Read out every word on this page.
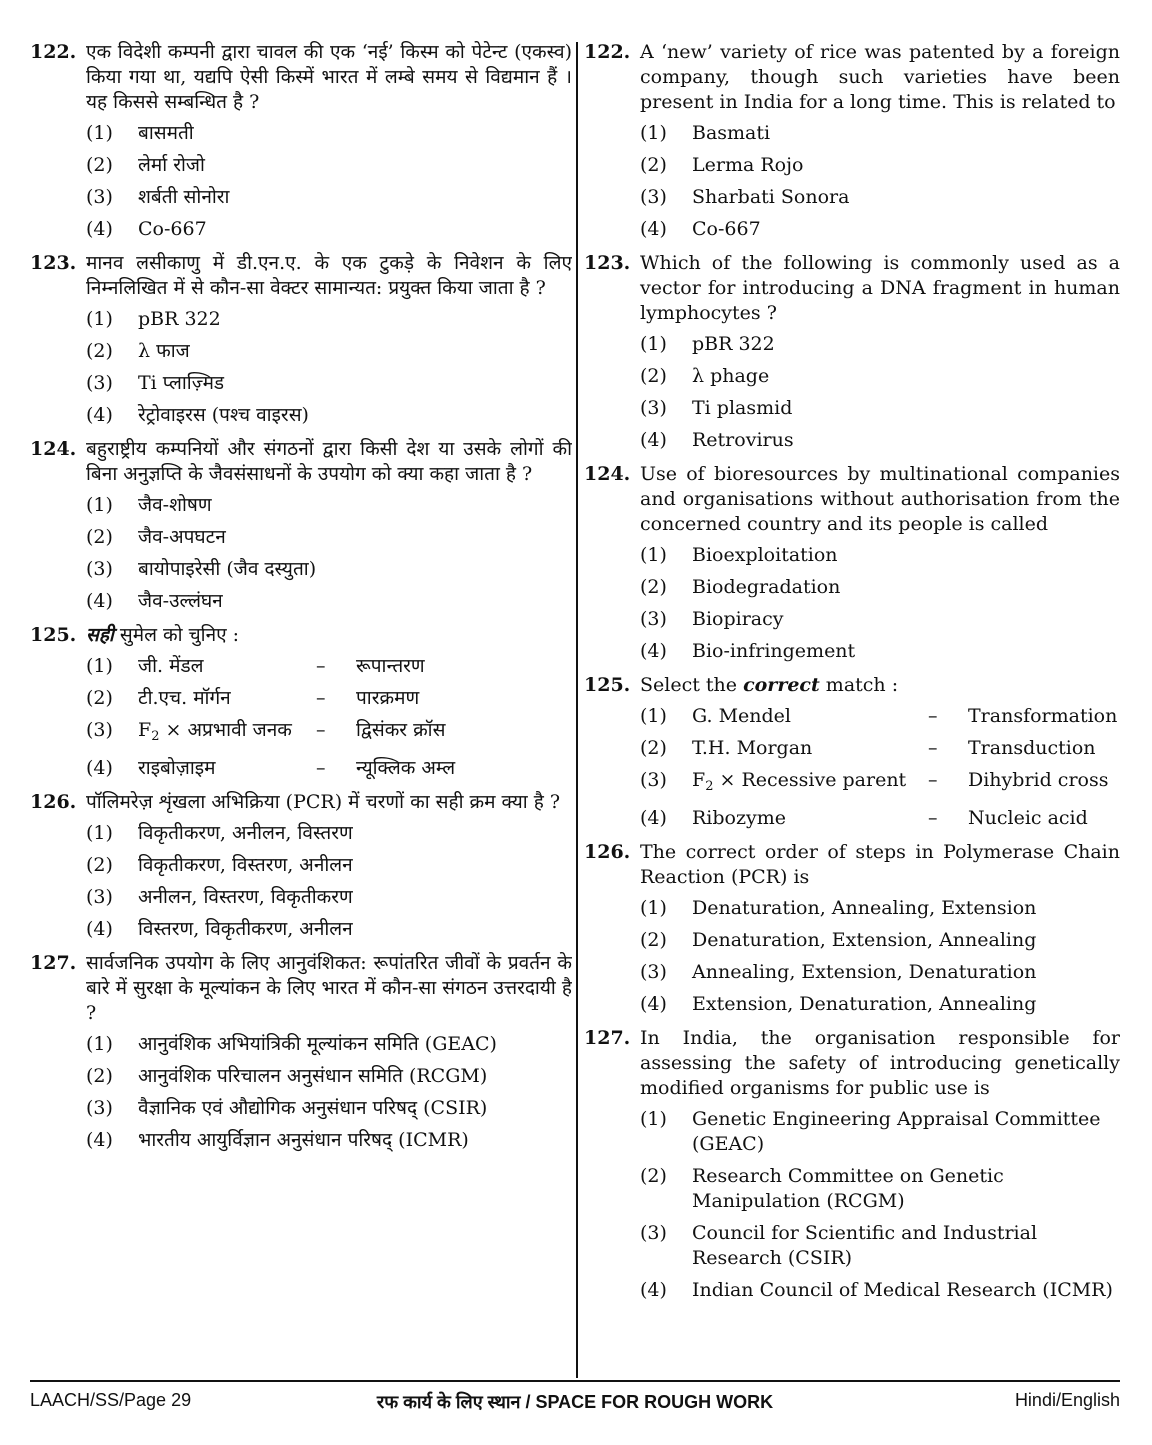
122. एक विदेशी कम्पनी द्वारा चावल की एक ‘नई’ किस्म को पेटेन्ट (एकस्व) किया गया था, यद्यपि ऐसी किस्में भारत में लम्बे समय से विद्यमान हैं । यह किससे सम्बन्धित है ?
(1)	बासमती
(2)	लेर्मा रोजो
(3)	शर्बती सोनोरा
(4)	Co-667
123. मानव लसीकाणु में डी.एन.ए. के एक टुकड़े के निवेशन के लिए निम्नलिखित में से कौन-सा वेक्टर सामान्यत: प्रयुक्त किया जाता है ?
(1)	pBR 322
(2)	λ फाज
(3)	Ti प्लाज़्मिड
(4)	रेट्रोवाइरस (पश्च वाइरस)
124. बहुराष्ट्रीय कम्पनियों और संगठनों द्वारा किसी देश या उसके लोगों की बिना अनुज्ञप्ति के जैवसंसाधनों के उपयोग को क्या कहा जाता है ?
(1)	जैव-शोषण
(2)	जैव-अपघटन
(3)	बायोपाइरेसी (जैव दस्युता)
(4)	जैव-उल्लंघन
125. सही सुमेल को चुनिए :
(1)	जी. मेंडल	–	रूपान्तरण
(2)	टी.एच. मॉर्गन	–	पारक्रमण
(3)	$F_2$ × अप्रभावी जनक	–	द्विसंकर क्रॉस
(4)	राइबोज़ाइम	–	न्यूक्लिक अम्ल
126. पॉलिमरेज़ शृंखला अभिक्रिया (PCR) में चरणों का सही क्रम क्या है ?
(1)	विकृतीकरण, अनीलन, विस्तरण
(2)	विकृतीकरण, विस्तरण, अनीलन
(3)	अनीलन, विस्तरण, विकृतीकरण
(4)	विस्तरण, विकृतीकरण, अनीलन
127. सार्वजनिक उपयोग के लिए आनुवंशिकत: रूपांतरित जीवों के प्रवर्तन के बारे में सुरक्षा के मूल्यांकन के लिए भारत में कौन-सा संगठन उत्तरदायी है ?
(1)	आनुवंशिक अभियांत्रिकी मूल्यांकन समिति (GEAC)
(2)	आनुवंशिक परिचालन अनुसंधान समिति (RCGM)
(3)	वैज्ञानिक एवं औद्योगिक अनुसंधान परिषद् (CSIR)
(4)	भारतीय आयुर्विज्ञान अनुसंधान परिषद् (ICMR)
122. A ‘new’ variety of rice was patented by a foreign company, though such varieties have been present in India for a long time. This is related to
(1)	Basmati
(2)	Lerma Rojo
(3)	Sharbati Sonora
(4)	Co-667
123. Which of the following is commonly used as a vector for introducing a DNA fragment in human lymphocytes ?
(1)	pBR 322
(2)	λ phage
(3)	Ti plasmid
(4)	Retrovirus
124. Use of bioresources by multinational companies and organisations without authorisation from the concerned country and its people is called
(1)	Bioexploitation
(2)	Biodegradation
(3)	Biopiracy
(4)	Bio-infringement
125. Select the correct match :
(1)	G. Mendel	–	Transformation
(2)	T.H. Morgan	–	Transduction
(3)	$F_2$ × Recessive parent	–	Dihybrid cross
(4)	Ribozyme	–	Nucleic acid
126. The correct order of steps in Polymerase Chain Reaction (PCR) is
(1)	Denaturation, Annealing, Extension
(2)	Denaturation, Extension, Annealing
(3)	Annealing, Extension, Denaturation
(4)	Extension, Denaturation, Annealing
127. In India, the organisation responsible for assessing the safety of introducing genetically modified organisms for public use is
(1)	Genetic Engineering Appraisal Committee (GEAC)
(2)	Research Committee on Genetic Manipulation (RCGM)
(3)	Council for Scientific and Industrial Research (CSIR)
(4)	Indian Council of Medical Research (ICMR)
रफ कार्य के लिए स्थान / SPACE FOR ROUGH WORK
LAACH/SS/Page 29	Hindi/English
